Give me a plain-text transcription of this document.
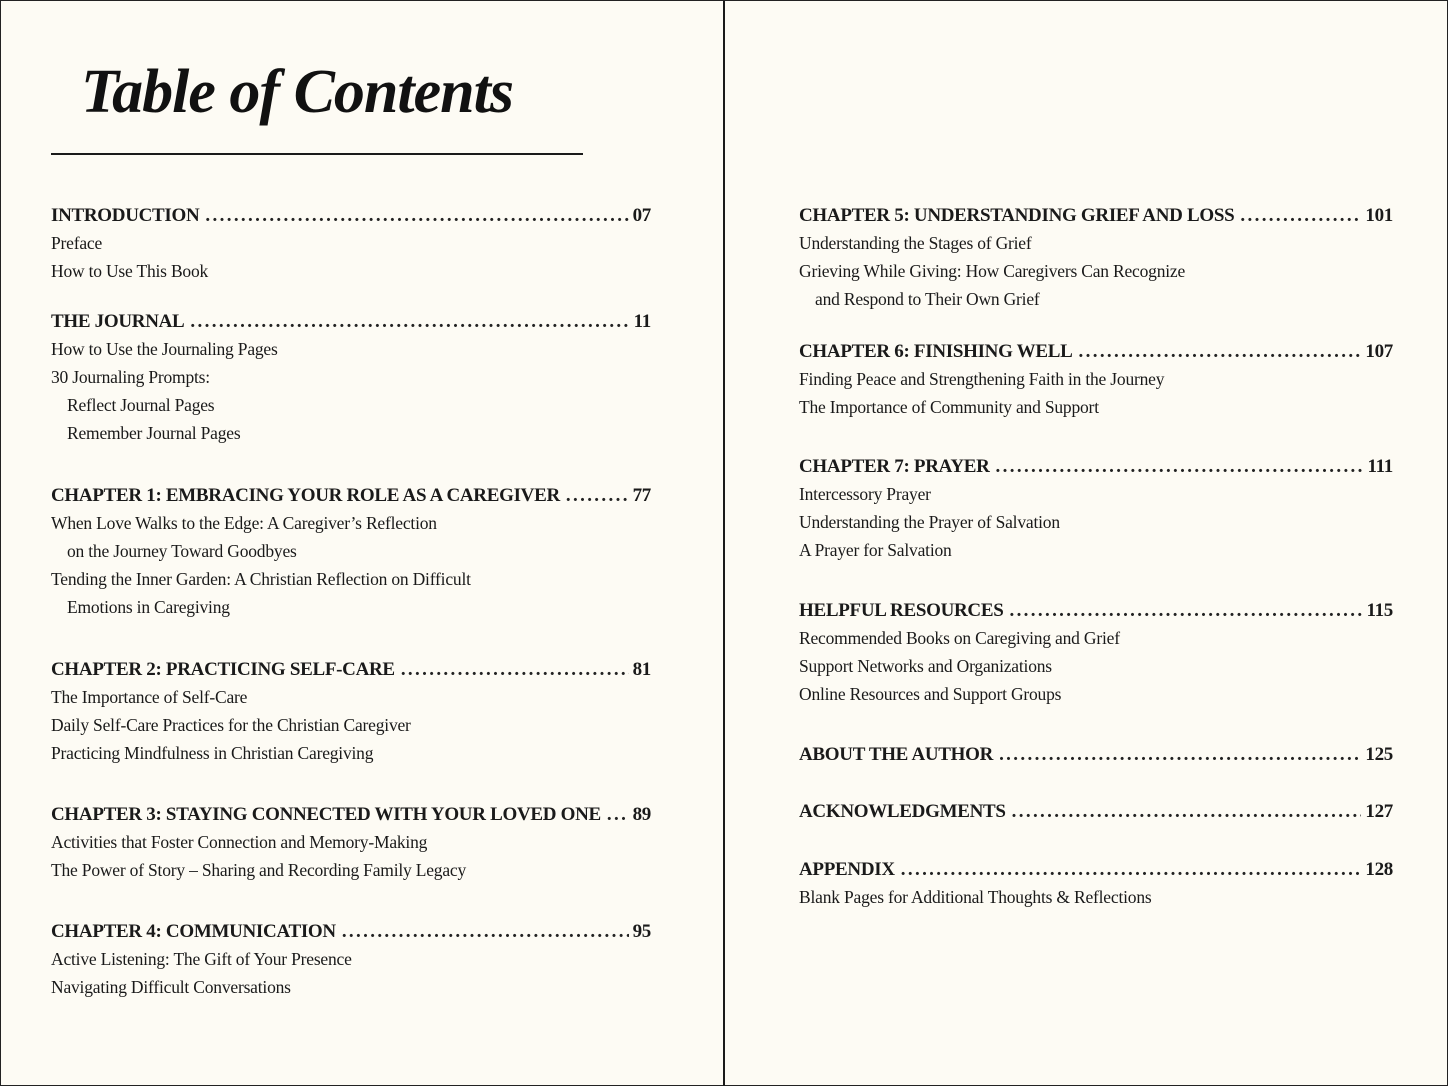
Table of Contents
INTRODUCTION . . .	07
Preface
How to Use This Book
THE JOURNAL . . .	11
How to Use the Journaling Pages
30 Journaling Prompts:
Reflect Journal Pages
Remember Journal Pages
CHAPTER 1: EMBRACING YOUR ROLE AS A CAREGIVER . . .	77
When Love Walks to the Edge: A Caregiver’s Reflection
on the Journey Toward Goodbyes
Tending the Inner Garden: A Christian Reflection on Difficult
Emotions in Caregiving
CHAPTER 2: PRACTICING SELF-CARE . . .	81
The Importance of Self-Care
Daily Self-Care Practices for the Christian Caregiver
Practicing Mindfulness in Christian Caregiving
CHAPTER 3: STAYING CONNECTED WITH YOUR LOVED ONE . . .	89
Activities that Foster Connection and Memory-Making
The Power of Story – Sharing and Recording Family Legacy
CHAPTER 4: COMMUNICATION . . .	95
Active Listening: The Gift of Your Presence
Navigating Difficult Conversations
CHAPTER 5: UNDERSTANDING GRIEF AND LOSS . . .	101
Understanding the Stages of Grief
Grieving While Giving: How Caregivers Can Recognize
and Respond to Their Own Grief
CHAPTER 6: FINISHING WELL . . .	107
Finding Peace and Strengthening Faith in the Journey
The Importance of Community and Support
CHAPTER 7: PRAYER . . .	111
Intercessory Prayer
Understanding the Prayer of Salvation
A Prayer for Salvation
HELPFUL RESOURCES . . .	115
Recommended Books on Caregiving and Grief
Support Networks and Organizations
Online Resources and Support Groups
ABOUT THE AUTHOR . . .	125
ACKNOWLEDGMENTS . . .	127
APPENDIX . . .	128
Blank Pages for Additional Thoughts & Reflections
